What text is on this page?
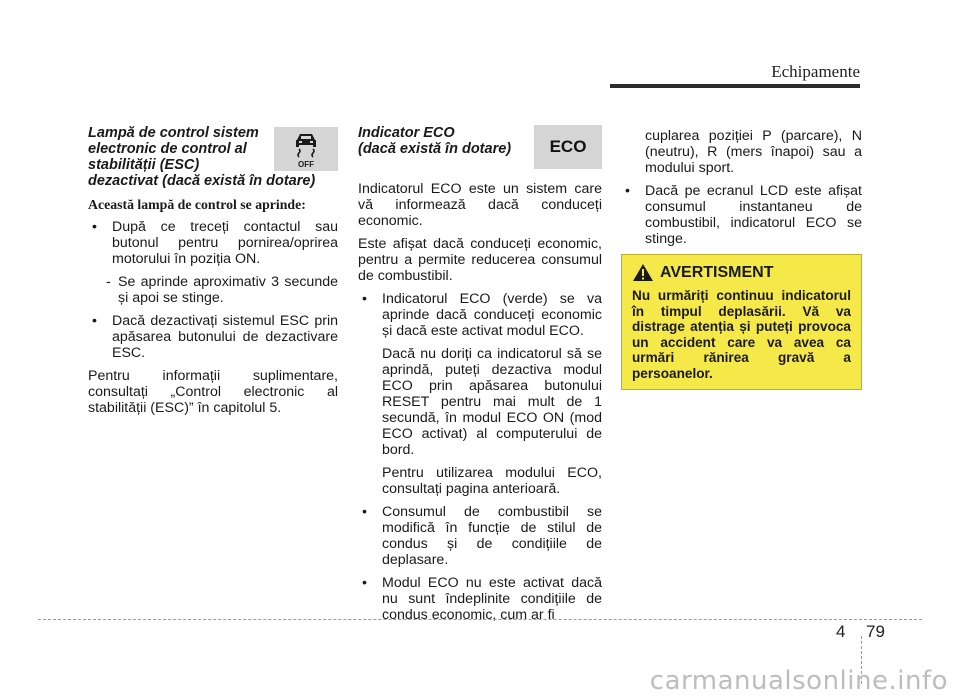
Echipamente
Lampă de control sistem
electronic de control al
stabilității (ESC)
dezactivat (dacă există în dotare)
OFF
Această lampă de control se aprinde:
• După ce treceți contactul sau butonul pentru pornirea/oprirea motorului în poziția ON.
- Se aprinde aproximativ 3 secunde și apoi se stinge.
• Dacă dezactivați sistemul ESC prin apăsarea butonului de dezactivare ESC.

Pentru informații suplimentare, consultați „Control electronic al stabilității (ESC)” în capitolul 5.

Indicator ECO
(dacă există în dotare)	ECO

Indicatorul ECO este un sistem care vă informează dacă conduceți economic.

Este afișat dacă conduceți economic, pentru a permite reducerea consumul de combustibil.

• Indicatorul ECO (verde) se va aprinde dacă conduceți economic și dacă este activat modul ECO.
Dacă nu doriți ca indicatorul să se aprindă, puteți dezactiva modul ECO prin apăsarea butonului RESET pentru mai mult de 1 secundă, în modul ECO ON (mod ECO activat) al computerului de bord.
Pentru utilizarea modului ECO, consultați pagina anterioară.
• Consumul de combustibil se modifică în funcție de stilul de condus și de condițiile de deplasare.
• Modul ECO nu este activat dacă nu sunt îndeplinite condițiile de condus economic, cum ar fi
cuplarea poziției P (parcare), N (neutru), R (mers înapoi) sau a modului sport.
• Dacă pe ecranul LCD este afișat consumul instantaneu de combustibil, indicatorul ECO se stinge.
AVERTISMENT
Nu urmăriți continuu indicatorul în timpul deplasării. Vă va distrage atenția și puteți provoca un accident care va avea ca urmări rănirea gravă a persoanelor.
4 79
carmanualsonline.info
